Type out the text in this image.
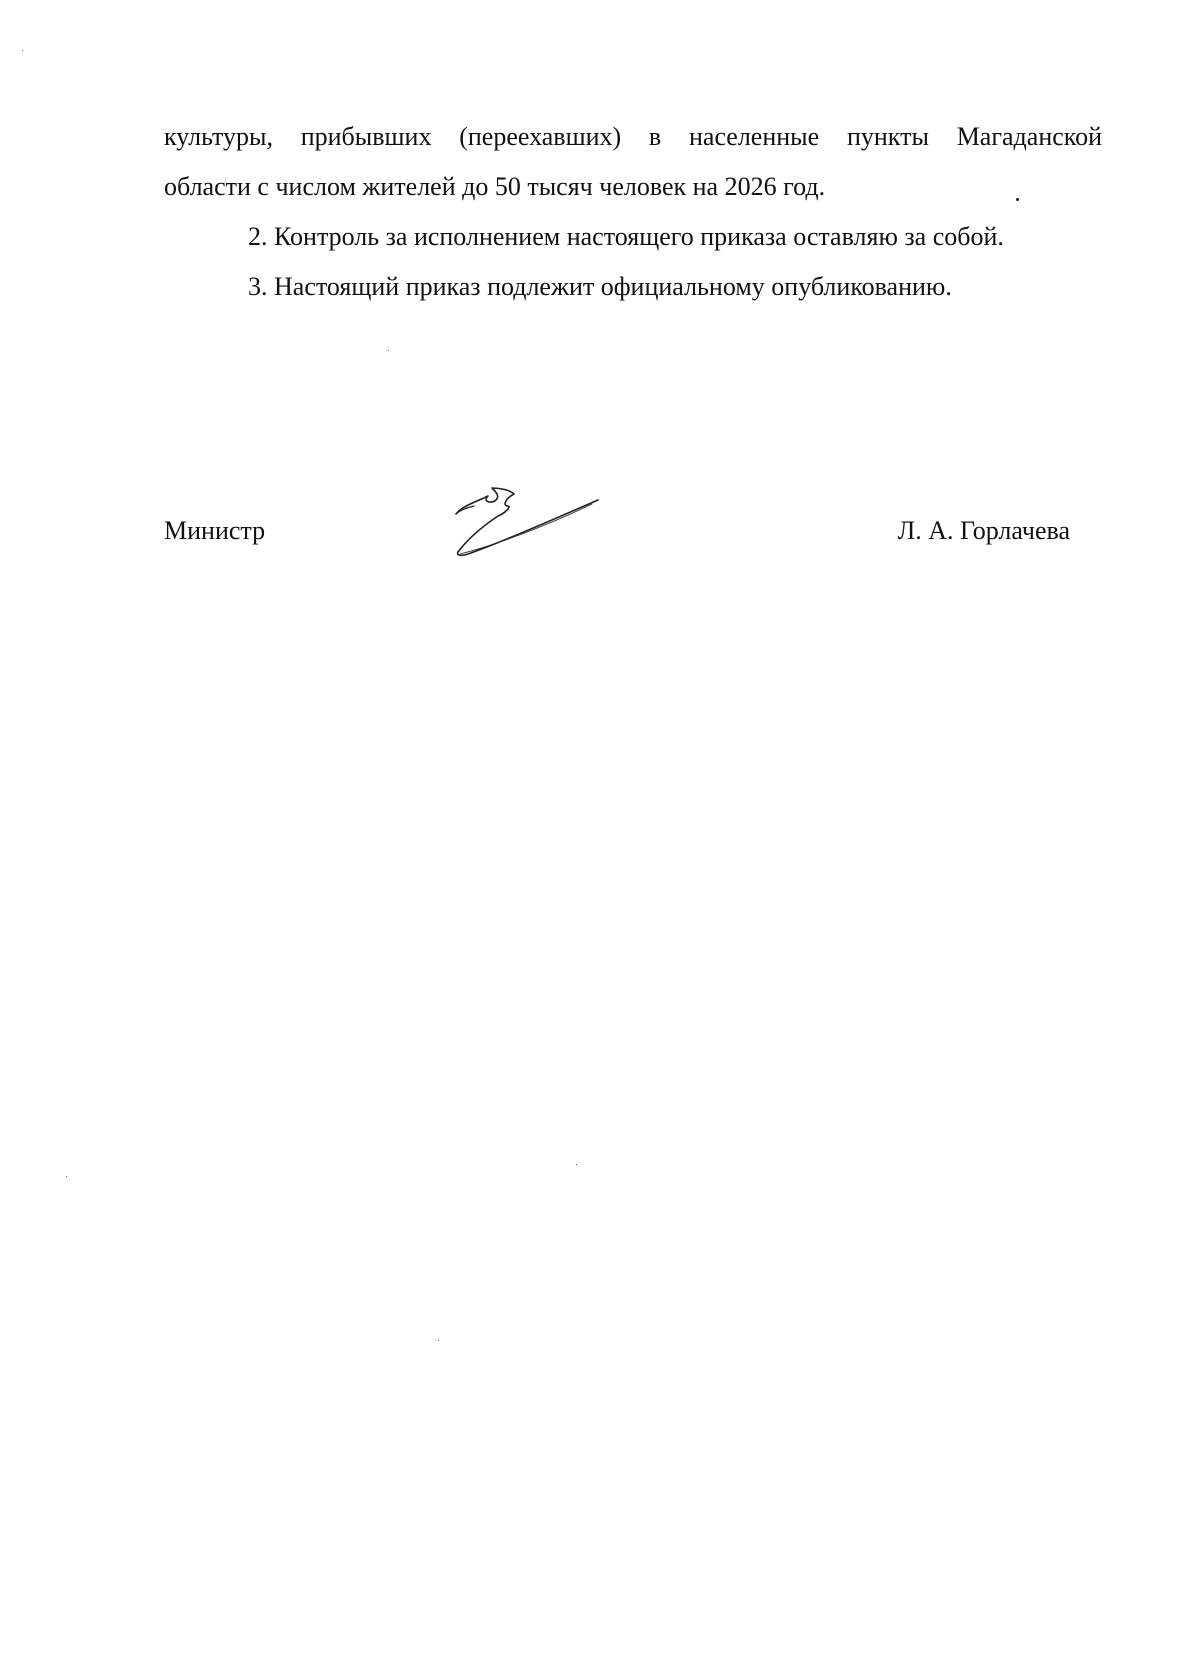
культуры, прибывших (переехавших) в населенные пункты Магаданской
области с числом жителей до 50 тысяч человек на 2026 год.

2. Контроль за исполнением настоящего приказа оставляю за собой.

3. Настоящий приказ подлежит официальному опубликованию.

Министр	Л. А. Горлачева
